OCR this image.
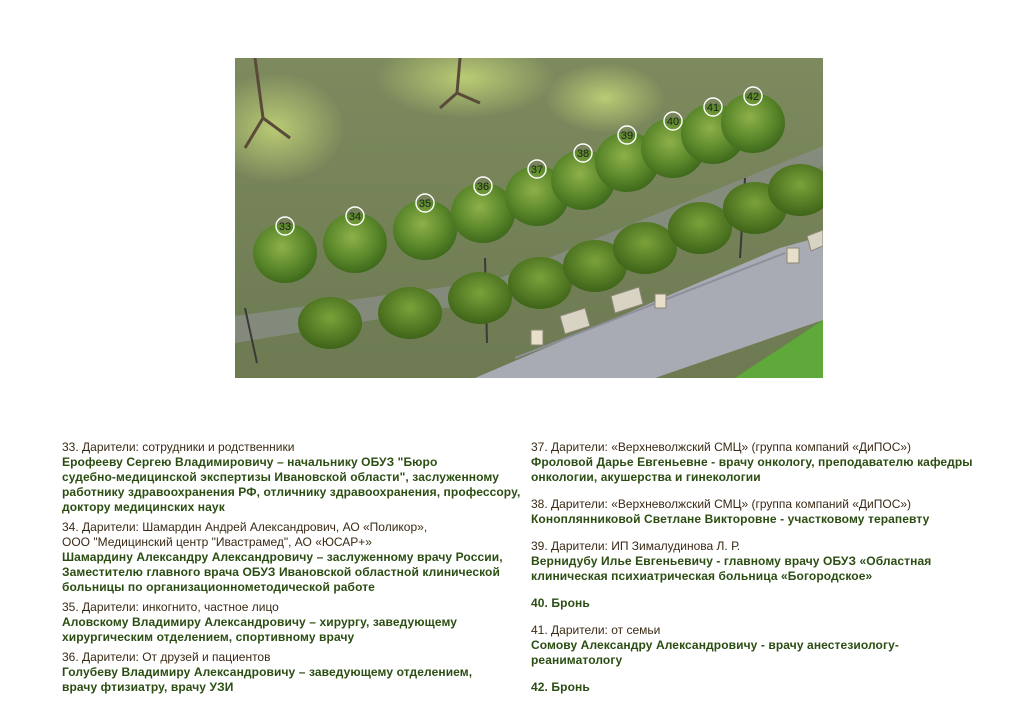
33
34
35
36
37
38
39
40
41
42
33. Дарители: сотрудники и родственники
Ерофееву Сергею Владимировичу – начальнику ОБУЗ "Бюро
судебно-медицинской экспертизы Ивановской области", заслуженному
работнику здравоохранения РФ, отличнику здравоохранения, профессору,
доктору медицинских наук
34. Дарители: Шамардин Андрей Александрович, АО «Поликор»,
ООО "Медицинский центр "Ивастрамед", АО «ЮСАР+»
Шамардину Александру Александровичу – заслуженному врачу России,
Заместителю главного врача ОБУЗ Ивановской областной клинической
больницы по организационнометодической работе
35. Дарители: инкогнито, частное лицо
Аловскому Владимиру Александровичу – хирургу, заведующему
хирургическим отделением, спортивному врачу
36. Дарители: От друзей и пациентов
Голубеву Владимиру Александровичу – заведующему отделением,
врачу фтизиатру, врачу УЗИ
37. Дарители: «Верхневолжский СМЦ» (группа компаний «ДиПОС»)
Фроловой Дарье Евгеньевне - врачу онкологу, преподавателю кафедры
онкологии, акушерства и гинекологии
38. Дарители: «Верхневолжский СМЦ» (группа компаний «ДиПОС»)
Коноплянниковой Светлане Викторовне - участковому терапевту
39. Дарители: ИП Зималудинова Л. Р.
Вернидубу Илье Евгеньевичу - главному врачу ОБУЗ «Областная
клиническая психиатрическая больница «Богородское»
40. Бронь
41. Дарители: от семьи
Сомову Александру Александровичу - врачу анестезиологу-
реаниматологу
42. Бронь
